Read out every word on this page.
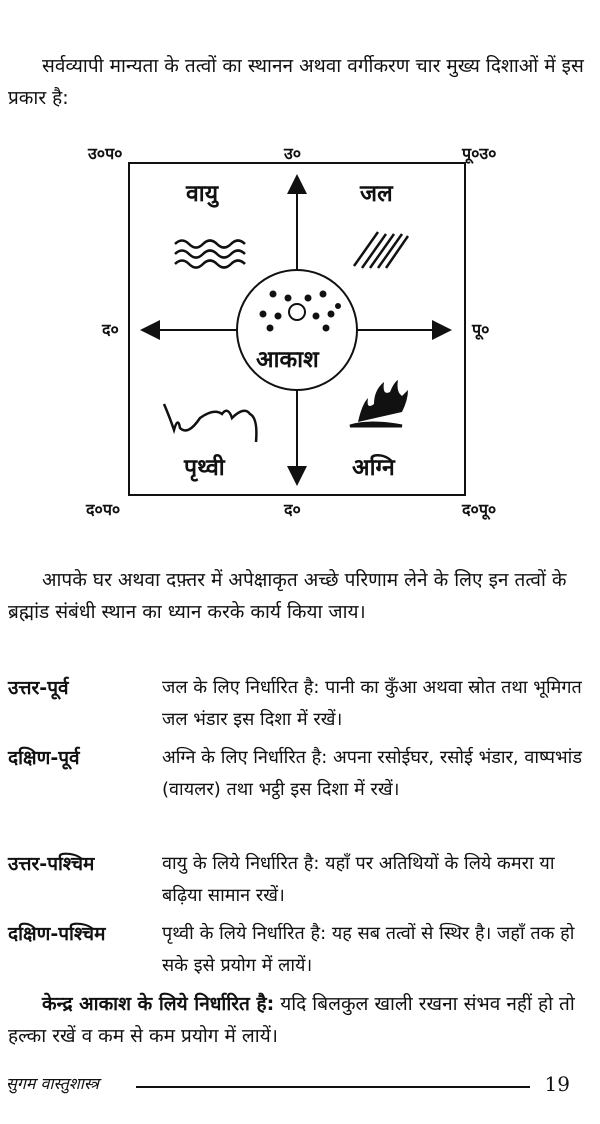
सर्वव्यापी मान्यता के तत्वों का स्थानन अथवा वर्गीकरण चार मुख्य दिशाओं में इस प्रकार है:
उ०प०	उ०	पू०उ०
द०	पू०
द०प०	द०	द०पू०
वायु	जल
आकाश
पृथ्वी	अग्नि
आपके घर अथवा दफ़्तर में अपेक्षाकृत अच्छे परिणाम लेने के लिए इन तत्वों के ब्रह्मांड संबंधी स्थान का ध्यान करके कार्य किया जाय।
उत्तर-पूर्व	जल के लिए निर्धारित है: पानी का कुँआ अथवा स्रोत तथा भूमिगत जल भंडार इस दिशा में रखें।
दक्षिण-पूर्व	अग्नि के लिए निर्धारित है: अपना रसोईघर, रसोई भंडार, वाष्पभांड (वायलर) तथा भट्ठी इस दिशा में रखें।
उत्तर-पश्चिम	वायु के लिये निर्धारित है: यहाँ पर अतिथियों के लिये कमरा या बढ़िया सामान रखें।
दक्षिण-पश्चिम	पृथ्वी के लिये निर्धारित है: यह सब तत्वों से स्थिर है। जहाँ तक हो सके इसे प्रयोग में लायें।
केन्द्र आकाश के लिये निर्धारित है: यदि बिलकुल खाली रखना संभव नहीं हो तो हल्का रखें व कम से कम प्रयोग में लायें।
सुगम वास्तुशास्त्र	19
